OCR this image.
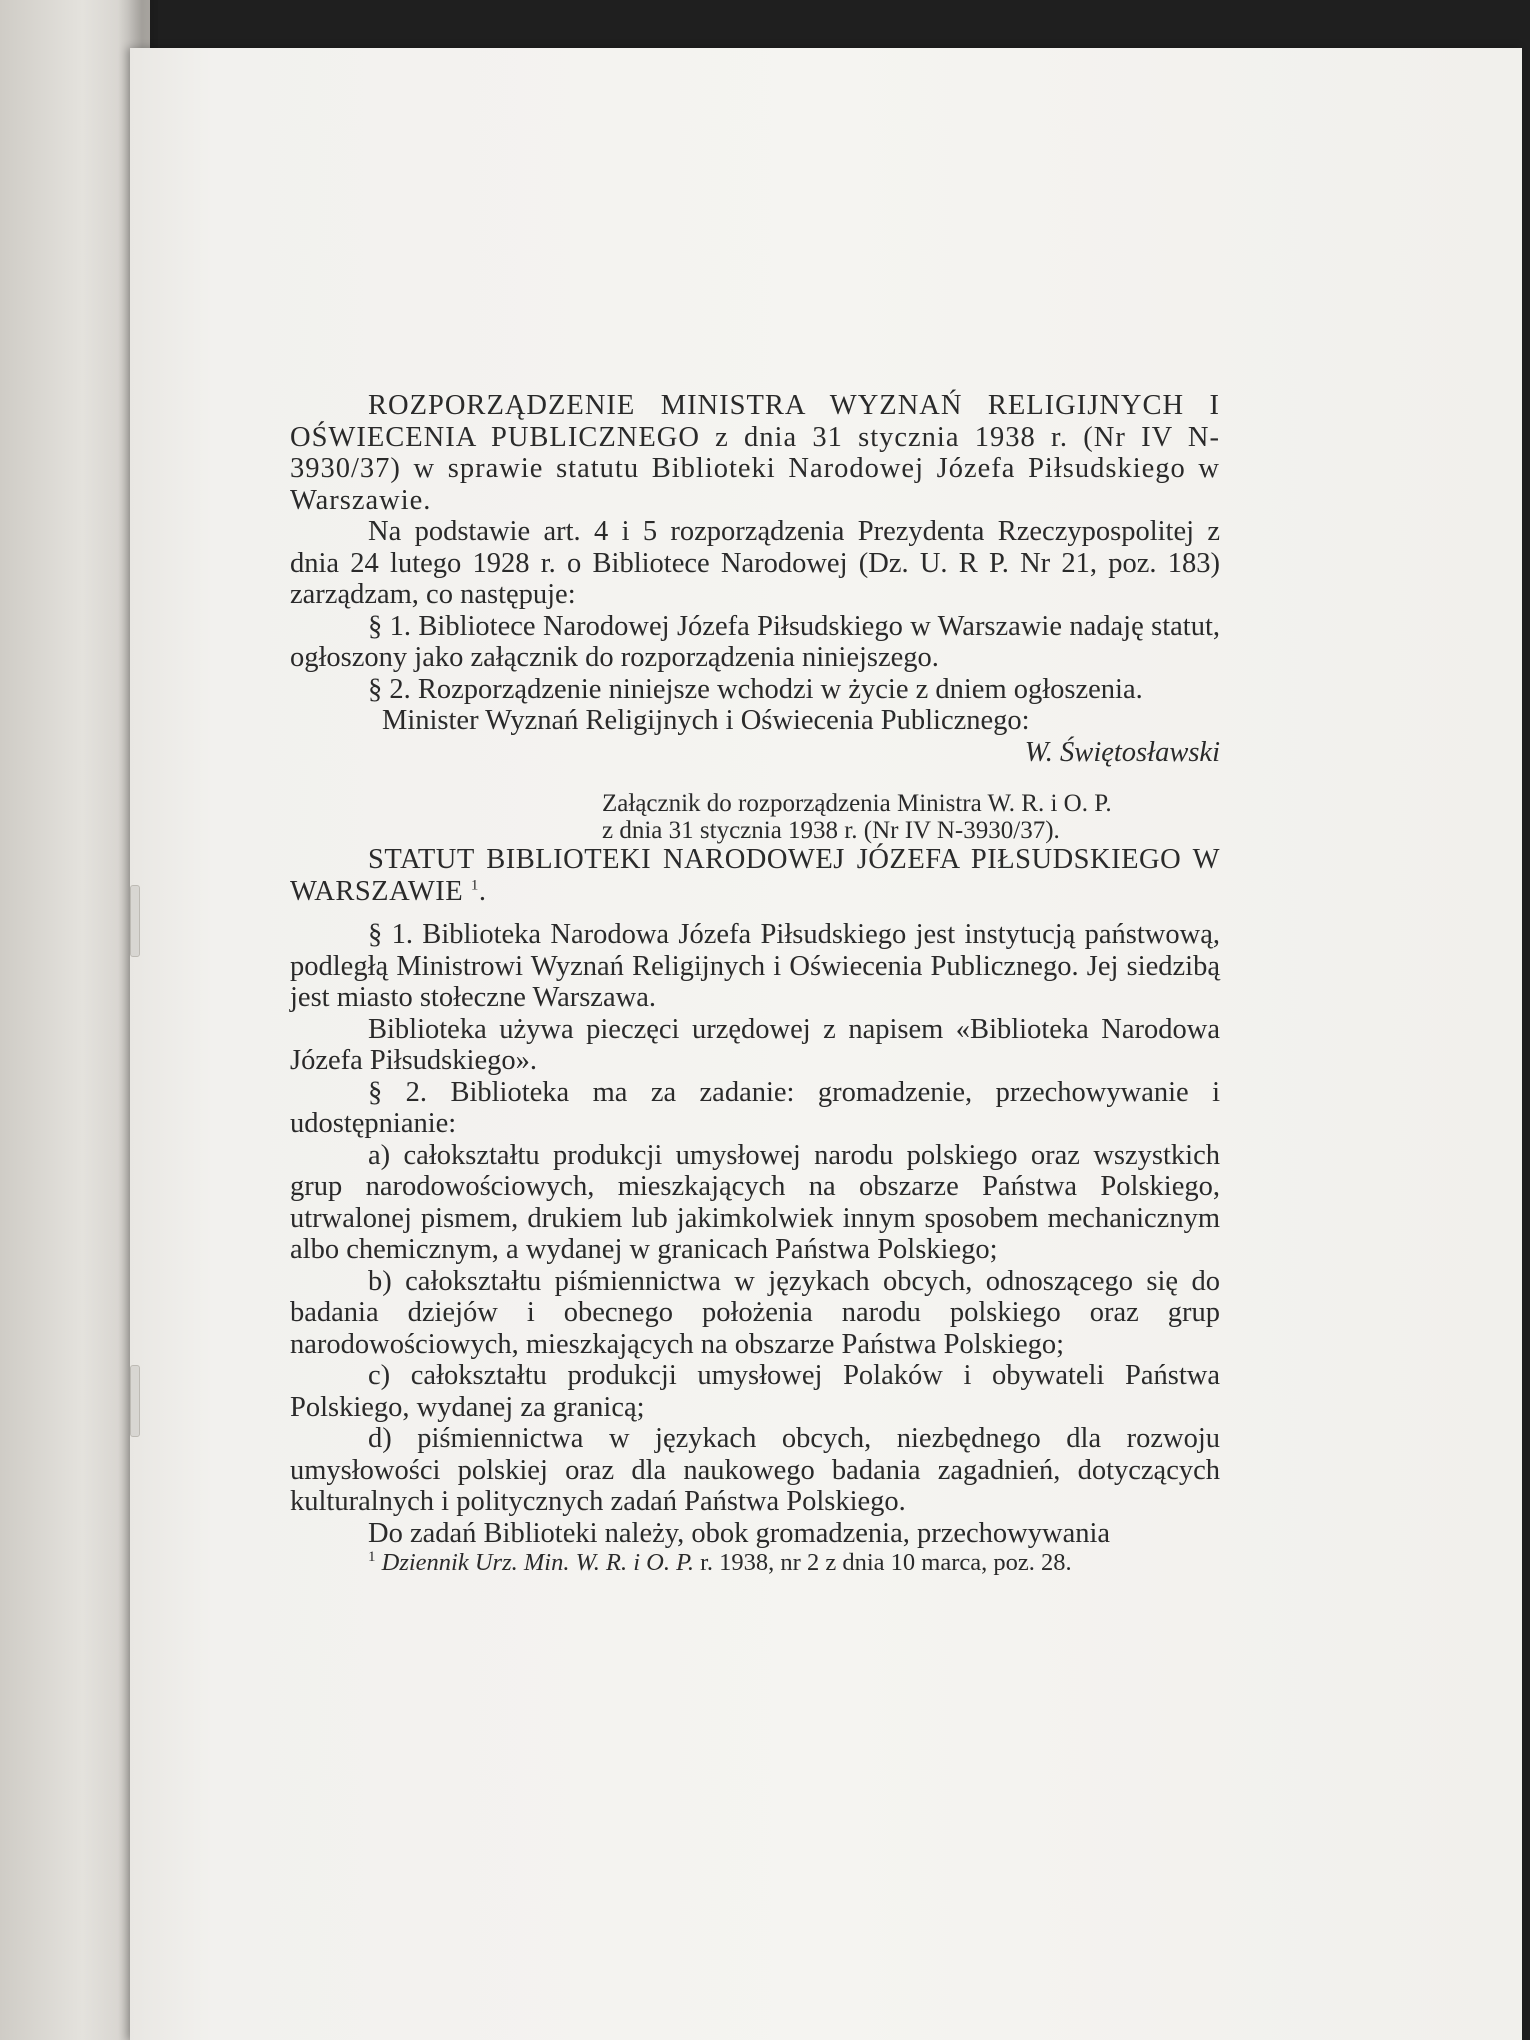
ROZPORZĄDZENIE MINISTRA WYZNAŃ RELIGIJNYCH I OŚWIECENIA PUBLICZNEGO z dnia 31 stycznia 1938 r. (Nr IV N-3930/37) w sprawie statutu Biblioteki Narodowej Józefa Piłsudskiego w Warszawie.

Na podstawie art. 4 i 5 rozporządzenia Prezydenta Rzeczypospolitej z dnia 24 lutego 1928 r. o Bibliotece Narodowej (Dz. U. R P. Nr 21, poz. 183) zarządzam, co następuje:

§ 1. Bibliotece Narodowej Józefa Piłsudskiego w Warszawie nadaję statut, ogłoszony jako załącznik do rozporządzenia niniejszego.

§ 2. Rozporządzenie niniejsze wchodzi w życie z dniem ogłoszenia.

Minister Wyznań Religijnych i Oświecenia Publicznego:

W. Świętosławski

Załącznik do rozporządzenia Ministra W. R. i O. P.
z dnia 31 stycznia 1938 r. (Nr IV N-3930/37).

STATUT BIBLIOTEKI NARODOWEJ JÓZEFA PIŁSUDSKIEGO W WARSZAWIE $^1$.

§ 1. Biblioteka Narodowa Józefa Piłsudskiego jest instytucją państwową, podległą Ministrowi Wyznań Religijnych i Oświecenia Publicznego. Jej siedzibą jest miasto stołeczne Warszawa.

Biblioteka używa pieczęci urzędowej z napisem «Biblioteka Narodowa Józefa Piłsudskiego».

§ 2. Biblioteka ma za zadanie: gromadzenie, przechowywanie i udostępnianie:

a) całokształtu produkcji umysłowej narodu polskiego oraz wszystkich grup narodowościowych, mieszkających na obszarze Państwa Polskiego, utrwalonej pismem, drukiem lub jakimkolwiek innym sposobem mechanicznym albo chemicznym, a wydanej w granicach Państwa Polskiego;

b) całokształtu piśmiennictwa w językach obcych, odnoszącego się do badania dziejów i obecnego położenia narodu polskiego oraz grup narodowościowych, mieszkających na obszarze Państwa Polskiego;

c) całokształtu produkcji umysłowej Polaków i obywateli Państwa Polskiego, wydanej za granicą;

d) piśmiennictwa w językach obcych, niezbędnego dla rozwoju umysłowości polskiej oraz dla naukowego badania zagadnień, dotyczących kulturalnych i politycznych zadań Państwa Polskiego.

Do zadań Biblioteki należy, obok gromadzenia, przechowywania

$^1$ Dziennik Urz. Min. W. R. i O. P. r. 1938, nr 2 z dnia 10 marca, poz. 28.
